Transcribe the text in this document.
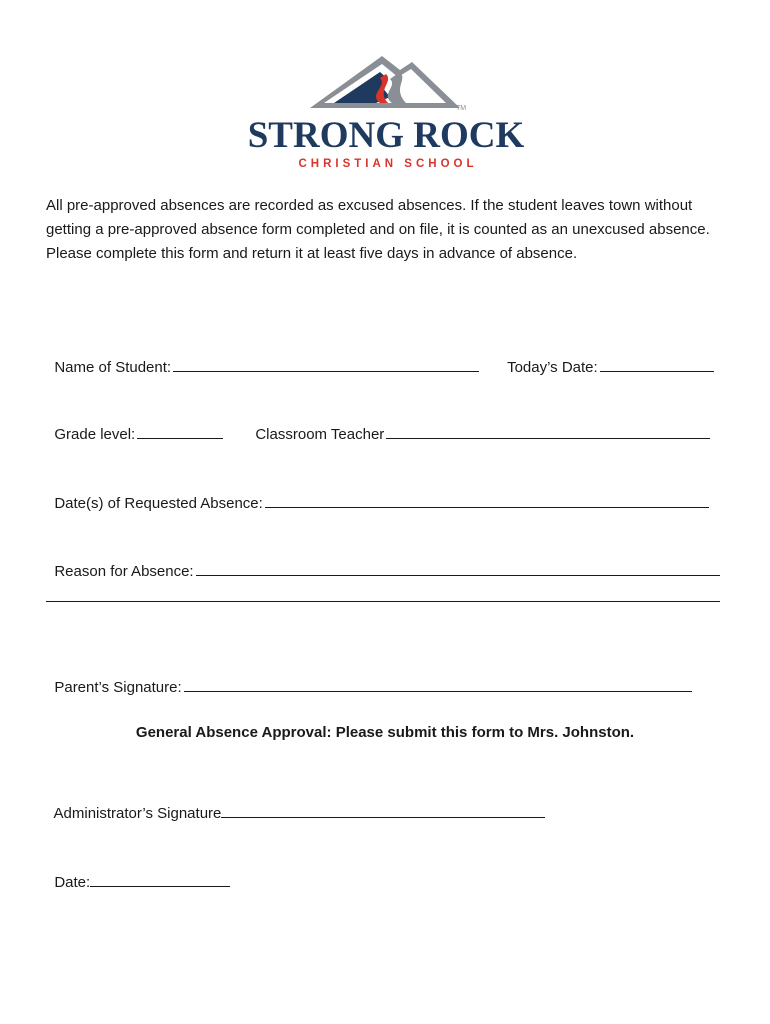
TM
STRONG ROCK
CHRISTIAN SCHOOL

All pre-approved absences are recorded as excused absences. If the student leaves town without getting a pre-approved absence form completed and on file, it is counted as an unexcused absence. Please complete this form and return it at least five days in advance of absence.

Name of Student:	Today’s Date:

Grade level:	Classroom Teacher

Date(s) of Requested Absence:

Reason for Absence:

Parent’s Signature:

General Absence Approval: Please submit this form to Mrs. Johnston.

Administrator’s Signature

Date:
